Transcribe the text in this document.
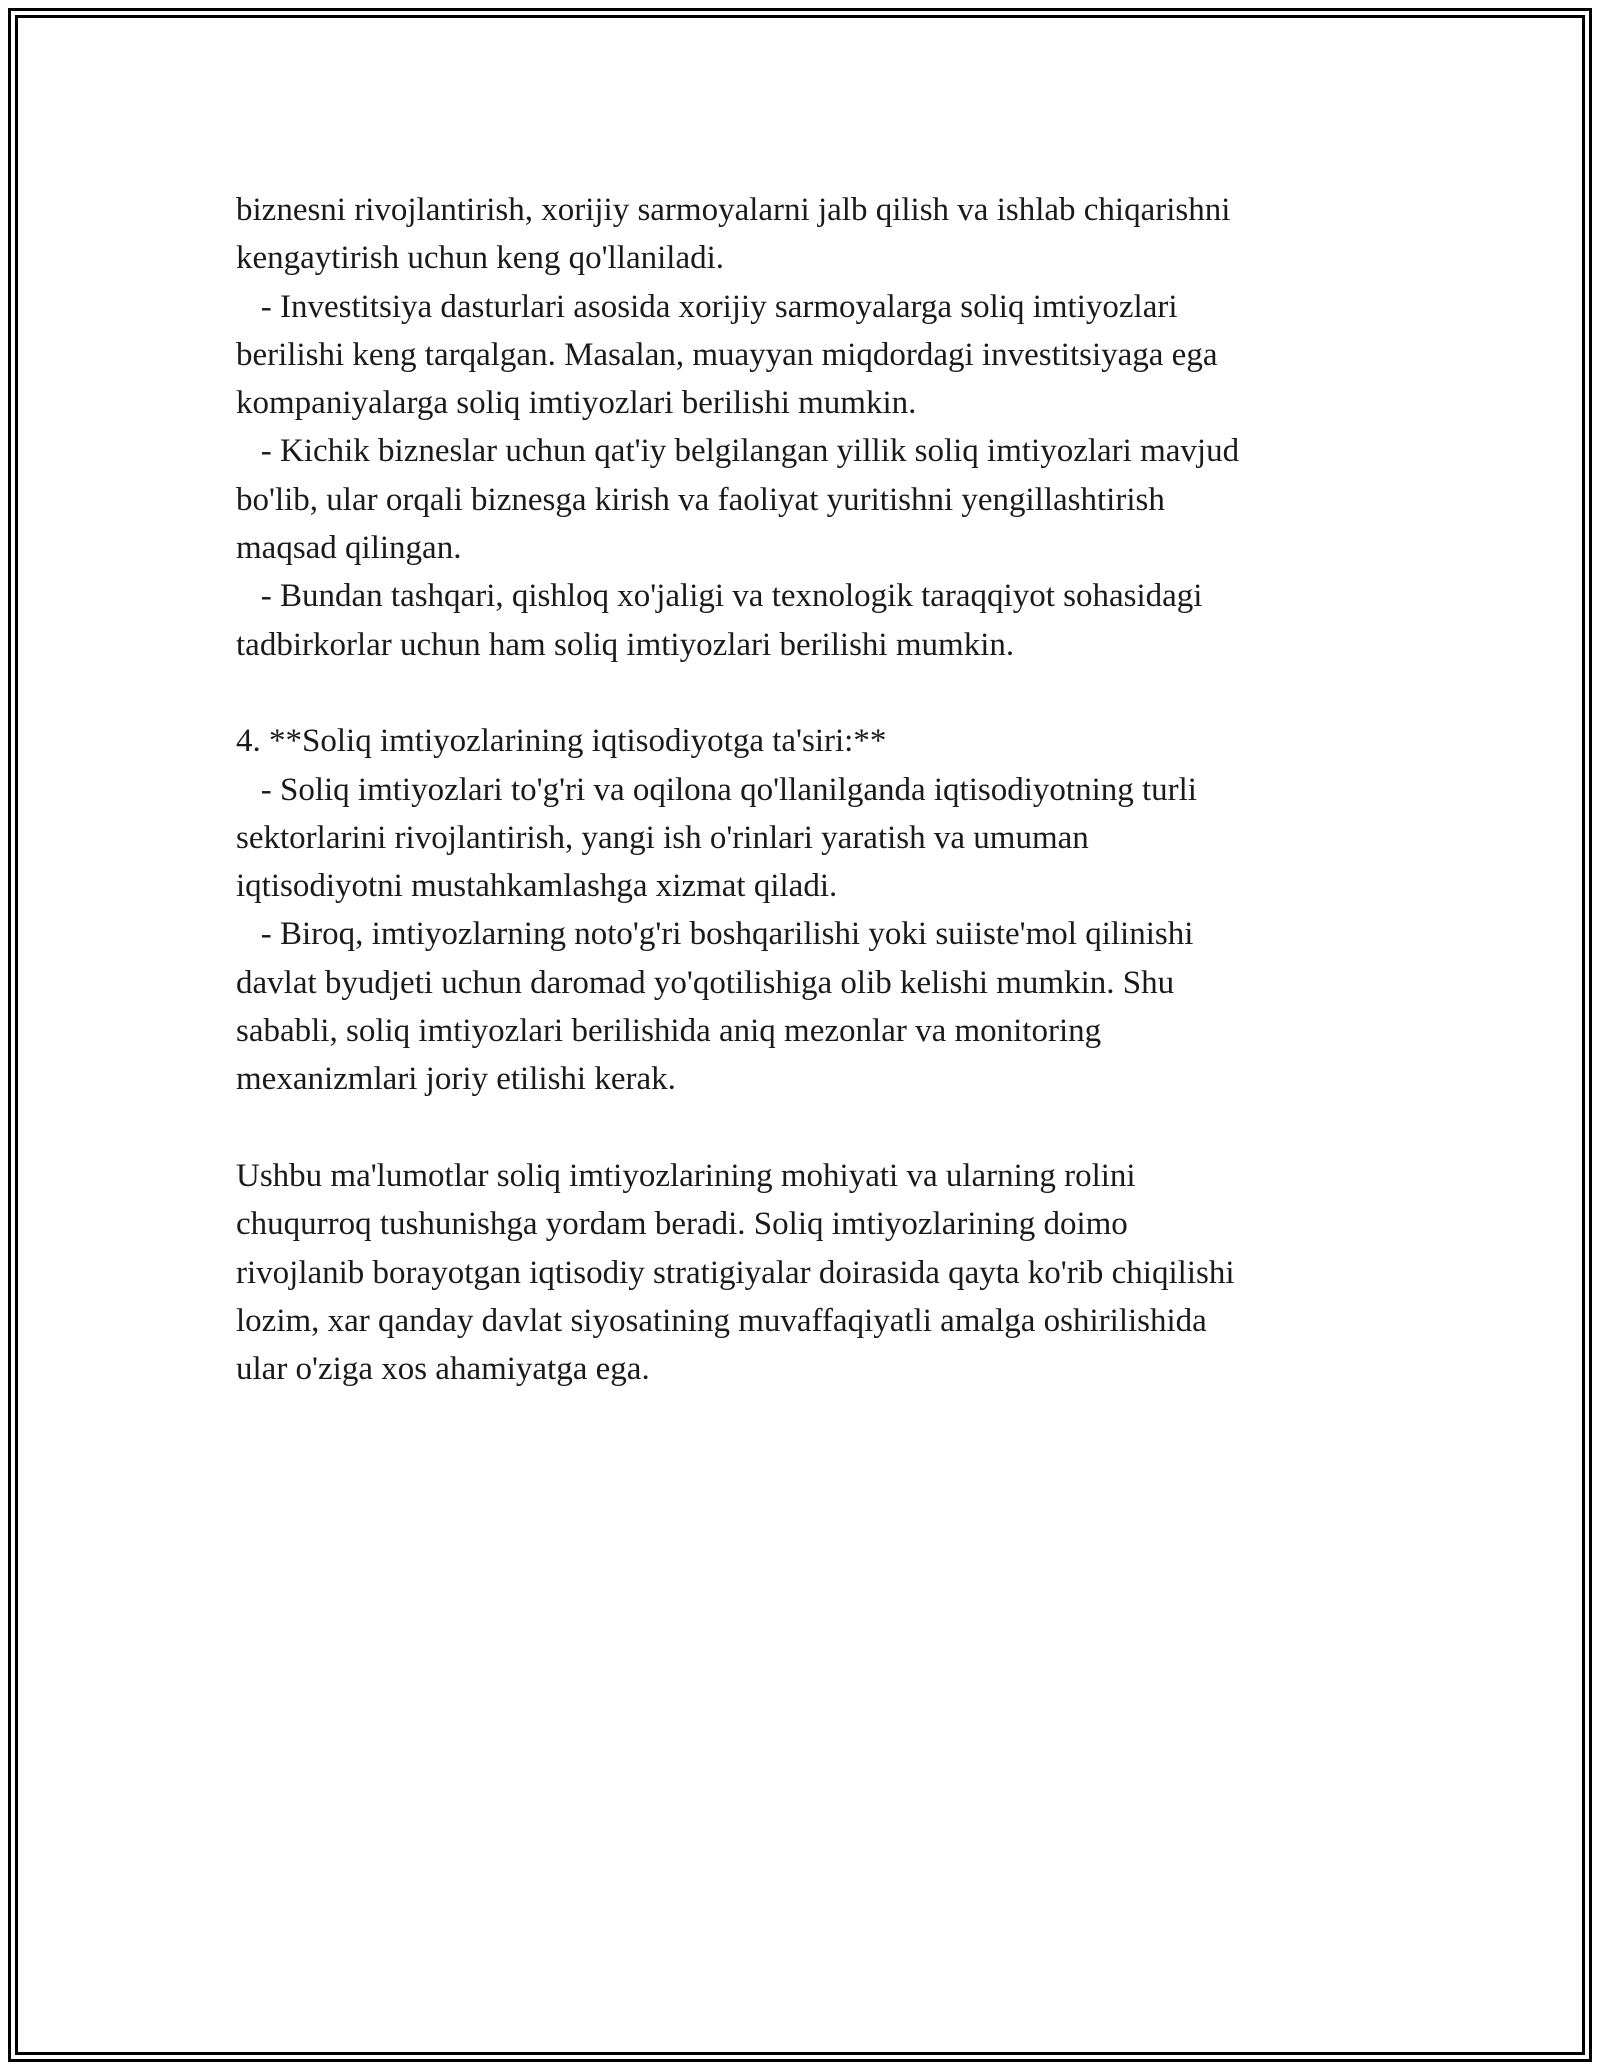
biznesni rivojlantirish, xorijiy sarmoyalarni jalb qilish va ishlab chiqarishni

kengaytirish uchun keng qo'llaniladi.

- Investitsiya dasturlari asosida xorijiy sarmoyalarga soliq imtiyozlari

berilishi keng tarqalgan. Masalan, muayyan miqdordagi investitsiyaga ega

kompaniyalarga soliq imtiyozlari berilishi mumkin.

- Kichik bizneslar uchun qat'iy belgilangan yillik soliq imtiyozlari mavjud

bo'lib, ular orqali biznesga kirish va faoliyat yuritishni yengillashtirish

maqsad qilingan.

- Bundan tashqari, qishloq xo'jaligi va texnologik taraqqiyot sohasidagi

tadbirkorlar uchun ham soliq imtiyozlari berilishi mumkin.

4. **Soliq imtiyozlarining iqtisodiyotga ta'siri:**

- Soliq imtiyozlari to'g'ri va oqilona qo'llanilganda iqtisodiyotning turli

sektorlarini rivojlantirish, yangi ish o'rinlari yaratish va umuman

iqtisodiyotni mustahkamlashga xizmat qiladi.

- Biroq, imtiyozlarning noto'g'ri boshqarilishi yoki suiiste'mol qilinishi

davlat byudjeti uchun daromad yo'qotilishiga olib kelishi mumkin. Shu

sababli, soliq imtiyozlari berilishida aniq mezonlar va monitoring

mexanizmlari joriy etilishi kerak.

Ushbu ma'lumotlar soliq imtiyozlarining mohiyati va ularning rolini

chuqurroq tushunishga yordam beradi. Soliq imtiyozlarining doimo

rivojlanib borayotgan iqtisodiy stratigiyalar doirasida qayta ko'rib chiqilishi

lozim, xar qanday davlat siyosatining muvaffaqiyatli amalga oshirilishida

ular o'ziga xos ahamiyatga ega.
